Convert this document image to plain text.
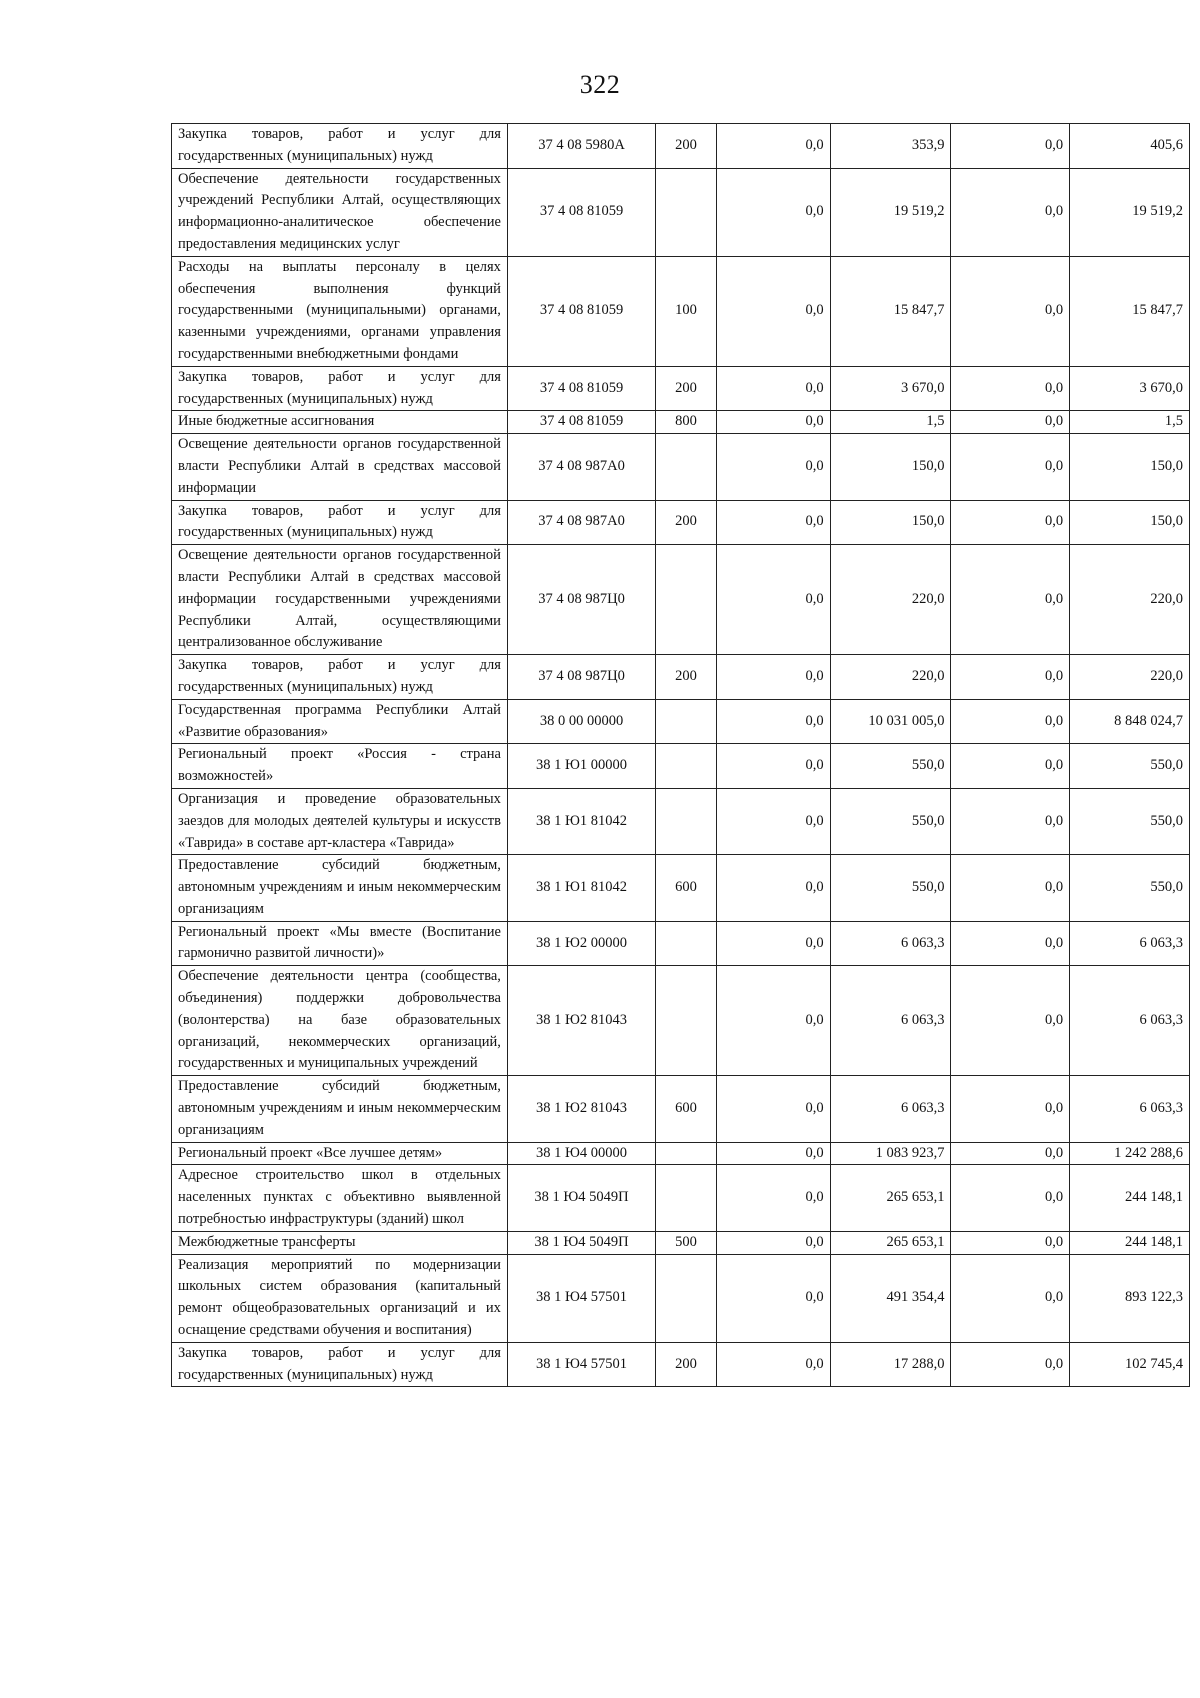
322
Закупка товаров, работ и услуг для государственных (муниципальных) нужд	37 4 08 5980А	200	0,0	353,9	0,0	405,6
Обеспечение деятельности государственных учреждений Республики Алтай, осуществляющих информационно-аналитическое обеспечение предоставления медицинских услуг	37 4 08 81059		0,0	19 519,2	0,0	19 519,2
Расходы на выплаты персоналу в целях обеспечения выполнения функций государственными (муниципальными) органами, казенными учреждениями, органами управления государственными внебюджетными фондами	37 4 08 81059	100	0,0	15 847,7	0,0	15 847,7
Закупка товаров, работ и услуг для государственных (муниципальных) нужд	37 4 08 81059	200	0,0	3 670,0	0,0	3 670,0
Иные бюджетные ассигнования	37 4 08 81059	800	0,0	1,5	0,0	1,5
Освещение деятельности органов государственной власти Республики Алтай в средствах массовой информации	37 4 08 987А0		0,0	150,0	0,0	150,0
Закупка товаров, работ и услуг для государственных (муниципальных) нужд	37 4 08 987А0	200	0,0	150,0	0,0	150,0
Освещение деятельности органов государственной власти Республики Алтай в средствах массовой информации государственными учреждениями Республики Алтай, осуществляющими централизованное обслуживание	37 4 08 987Ц0		0,0	220,0	0,0	220,0
Закупка товаров, работ и услуг для государственных (муниципальных) нужд	37 4 08 987Ц0	200	0,0	220,0	0,0	220,0
Государственная программа Республики Алтай «Развитие образования»	38 0 00 00000		0,0	10 031 005,0	0,0	8 848 024,7
Региональный проект «Россия - страна возможностей»	38 1 Ю1 00000		0,0	550,0	0,0	550,0
Организация и проведение образовательных заездов для молодых деятелей культуры и искусств «Таврида» в составе арт-кластера «Таврида»	38 1 Ю1 81042		0,0	550,0	0,0	550,0
Предоставление субсидий бюджетным, автономным учреждениям и иным некоммерческим организациям	38 1 Ю1 81042	600	0,0	550,0	0,0	550,0
Региональный проект «Мы вместе (Воспитание гармонично развитой личности)»	38 1 Ю2 00000		0,0	6 063,3	0,0	6 063,3
Обеспечение деятельности центра (сообщества, объединения) поддержки добровольчества (волонтерства) на базе образовательных организаций, некоммерческих организаций, государственных и муниципальных учреждений	38 1 Ю2 81043		0,0	6 063,3	0,0	6 063,3
Предоставление субсидий бюджетным, автономным учреждениям и иным некоммерческим организациям	38 1 Ю2 81043	600	0,0	6 063,3	0,0	6 063,3
Региональный проект «Все лучшее детям»	38 1 Ю4 00000		0,0	1 083 923,7	0,0	1 242 288,6
Адресное строительство школ в отдельных населенных пунктах с объективно выявленной потребностью инфраструктуры (зданий) школ	38 1 Ю4 5049П		0,0	265 653,1	0,0	244 148,1
Межбюджетные трансферты	38 1 Ю4 5049П	500	0,0	265 653,1	0,0	244 148,1
Реализация мероприятий по модернизации школьных систем образования (капитальный ремонт общеобразовательных организаций и их оснащение средствами обучения и воспитания)	38 1 Ю4 57501		0,0	491 354,4	0,0	893 122,3
Закупка товаров, работ и услуг для государственных (муниципальных) нужд	38 1 Ю4 57501	200	0,0	17 288,0	0,0	102 745,4
